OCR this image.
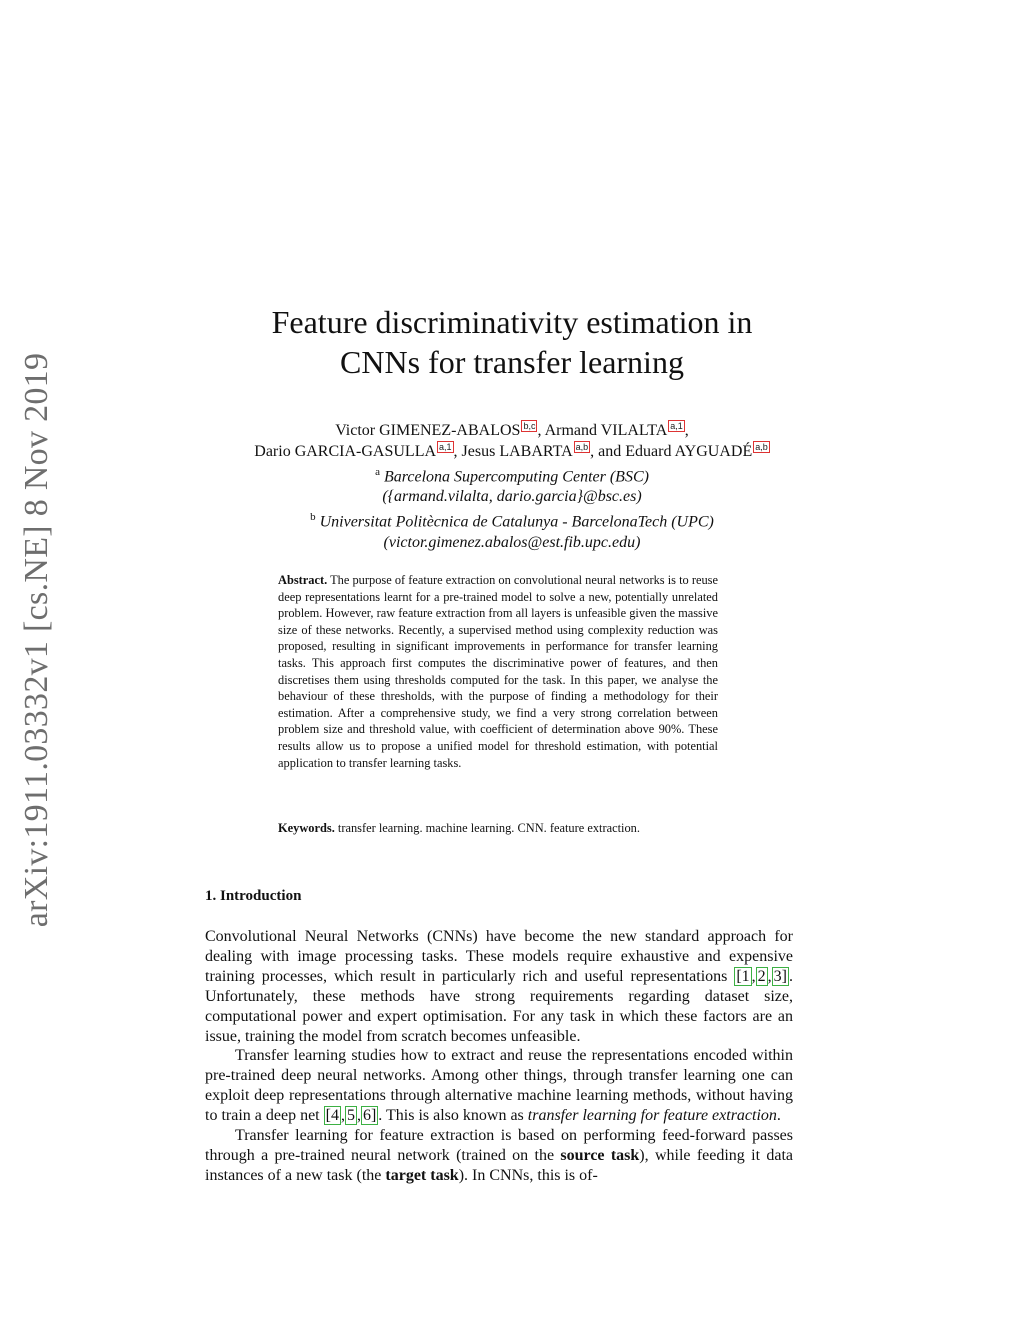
arXiv:1911.03332v1 [cs.NE] 8 Nov 2019
Feature discriminativity estimation in
CNNs for transfer learning
Victor GIMENEZ-ABALOS $^{b,c}$ , Armand VILALTA $^{a,1}$ ,
Dario GARCIA-GASULLA $^{a,1}$ , Jesus LABARTA $^{a,b}$ , and Eduard AYGUADÉ $^{a,b}$
$^a$ Barcelona Supercomputing Center (BSC)
({armand.vilalta, dario.garcia}@bsc.es)
$^b$ Universitat Politècnica de Catalunya - BarcelonaTech (UPC)
(victor.gimenez.abalos@est.fib.upc.edu)
Abstract. The purpose of feature extraction on convolutional neural networks is to reuse deep representations learnt for a pre-trained model to solve a new, potentially unrelated problem. However, raw feature extraction from all layers is unfeasible given the massive size of these networks. Recently, a supervised method using complexity reduction was proposed, resulting in significant improvements in performance for transfer learning tasks. This approach first computes the discriminative power of features, and then discretises them using thresholds computed for the task. In this paper, we analyse the behaviour of these thresholds, with the purpose of finding a methodology for their estimation. After a comprehensive study, we find a very strong correlation between problem size and threshold value, with coefficient of determination above 90%. These results allow us to propose a unified model for threshold estimation, with potential application to transfer learning tasks.
Keywords. transfer learning. machine learning. CNN. feature extraction.
1. Introduction

Convolutional Neural Networks (CNNs) have become the new standard approach for dealing with image processing tasks. These models require exhaustive and expensive training processes, which result in particularly rich and useful representations [1 , 2 , 3] . Unfortunately, these methods have strong requirements regarding dataset size, computational power and expert optimisation. For any task in which these factors are an issue, training the model from scratch becomes unfeasible.

Transfer learning studies how to extract and reuse the representations encoded within pre-trained deep neural networks. Among other things, through transfer learning one can exploit deep representations through alternative machine learning methods, without having to train a deep net [4 , 5 , 6] . This is also known as transfer learning for feature extraction.

Transfer learning for feature extraction is based on performing feed-forward passes through a pre-trained neural network (trained on the source task), while feeding it data instances of a new task (the target task). In CNNs, this is of-
